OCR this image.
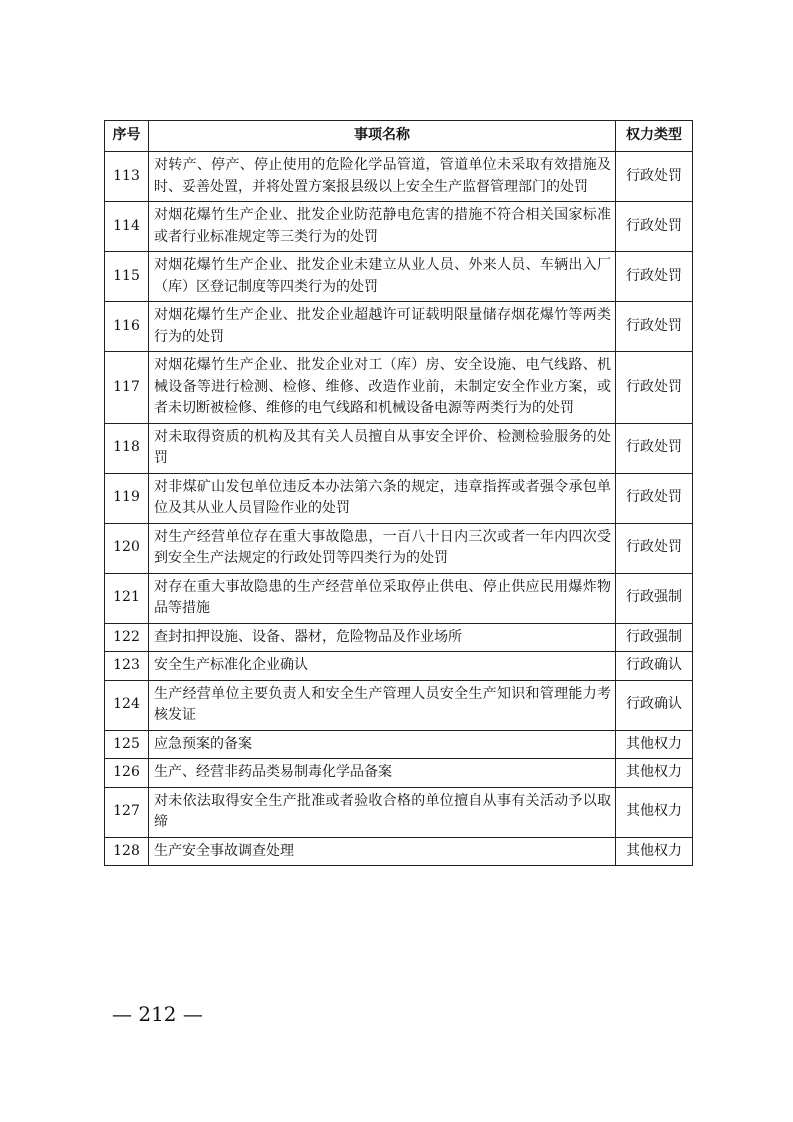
序号	事项名称	权力类型
113	对转产、停产、停止使用的危险化学品管道，管道单位未采取有效措施及时、妥善处置，并将处置方案报县级以上安全生产监督管理部门的处罚	行政处罚
114	对烟花爆竹生产企业、批发企业防范静电危害的措施不符合相关国家标准或者行业标准规定等三类行为的处罚	行政处罚
115	对烟花爆竹生产企业、批发企业未建立从业人员、外来人员、车辆出入厂（库）区登记制度等四类行为的处罚	行政处罚
116	对烟花爆竹生产企业、批发企业超越许可证载明限量储存烟花爆竹等两类行为的处罚	行政处罚
117	对烟花爆竹生产企业、批发企业对工（库）房、安全设施、电气线路、机械设备等进行检测、检修、维修、改造作业前，未制定安全作业方案，或者未切断被检修、维修的电气线路和机械设备电源等两类行为的处罚	行政处罚
118	对未取得资质的机构及其有关人员擅自从事安全评价、检测检验服务的处罚	行政处罚
119	对非煤矿山发包单位违反本办法第六条的规定，违章指挥或者强令承包单位及其从业人员冒险作业的处罚	行政处罚
120	对生产经营单位存在重大事故隐患，一百八十日内三次或者一年内四次受到安全生产法规定的行政处罚等四类行为的处罚	行政处罚
121	对存在重大事故隐患的生产经营单位采取停止供电、停止供应民用爆炸物品等措施	行政强制
122	查封扣押设施、设备、器材，危险物品及作业场所	行政强制
123	安全生产标准化企业确认	行政确认
124	生产经营单位主要负责人和安全生产管理人员安全生产知识和管理能力考核发证	行政确认
125	应急预案的备案	其他权力
126	生产、经营非药品类易制毒化学品备案	其他权力
127	对未依法取得安全生产批准或者验收合格的单位擅自从事有关活动予以取缔	其他权力
128	生产安全事故调查处理	其他权力
— 212 —
